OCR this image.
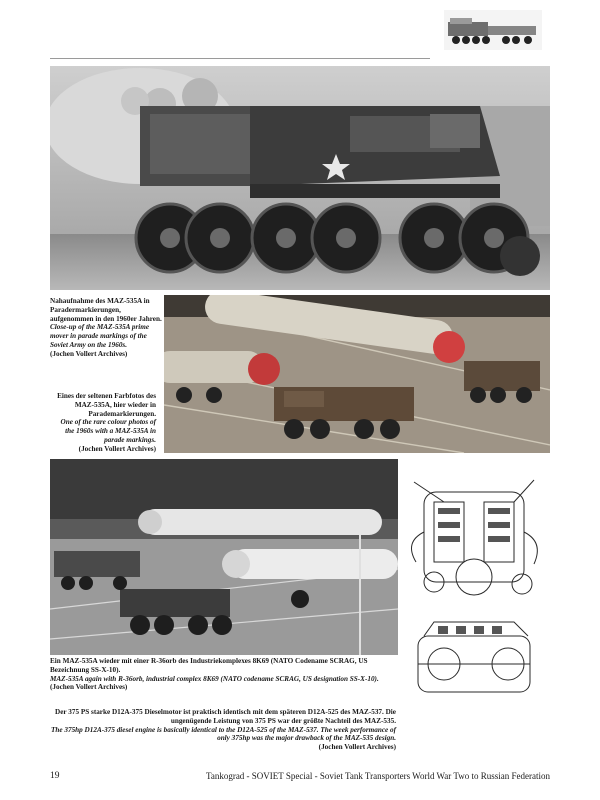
Nahaufnahme des MAZ-535A in Paradermarkierungen, aufgenommen in den 1960er Jahren.
Close-up of the MAZ-535A prime mover in parade markings of the Soviet Army on the 1960s.
(Jochen Vollert Archives)
Eines der seltenen Farbfotos des MAZ-535A, hier wieder in Parademarkierungen.
One of the rare colour photos of the 1960s with a MAZ-535A in parade markings.
(Jochen Vollert Archives)
Ein MAZ-535A wieder mit einer R-36orb des Industriekomplexes 8K69 (NATO Codename SCRAG, US Bezeichnung SS-X-10).
MAZ-535A again with R-36orb, industrial complex 8K69 (NATO codename SCRAG, US designation SS-X-10).
(Jochen Vollert Archives)
Der 375 PS starke D12A-375 Dieselmotor ist praktisch identisch mit dem späteren D12A-525 des MAZ-537. Die ungenügende Leistung von 375 PS war der größte Nachteil des MAZ-535.
The 375hp D12A-375 diesel engine is basically identical to the D12A-525 of the MAZ-537. The week performance of only 375hp was the major drawback of the MAZ-535 design.
(Jochen Vollert Archives)
19	Tankograd - SOVIET Special - Soviet Tank Transporters World War Two to Russian Federation
